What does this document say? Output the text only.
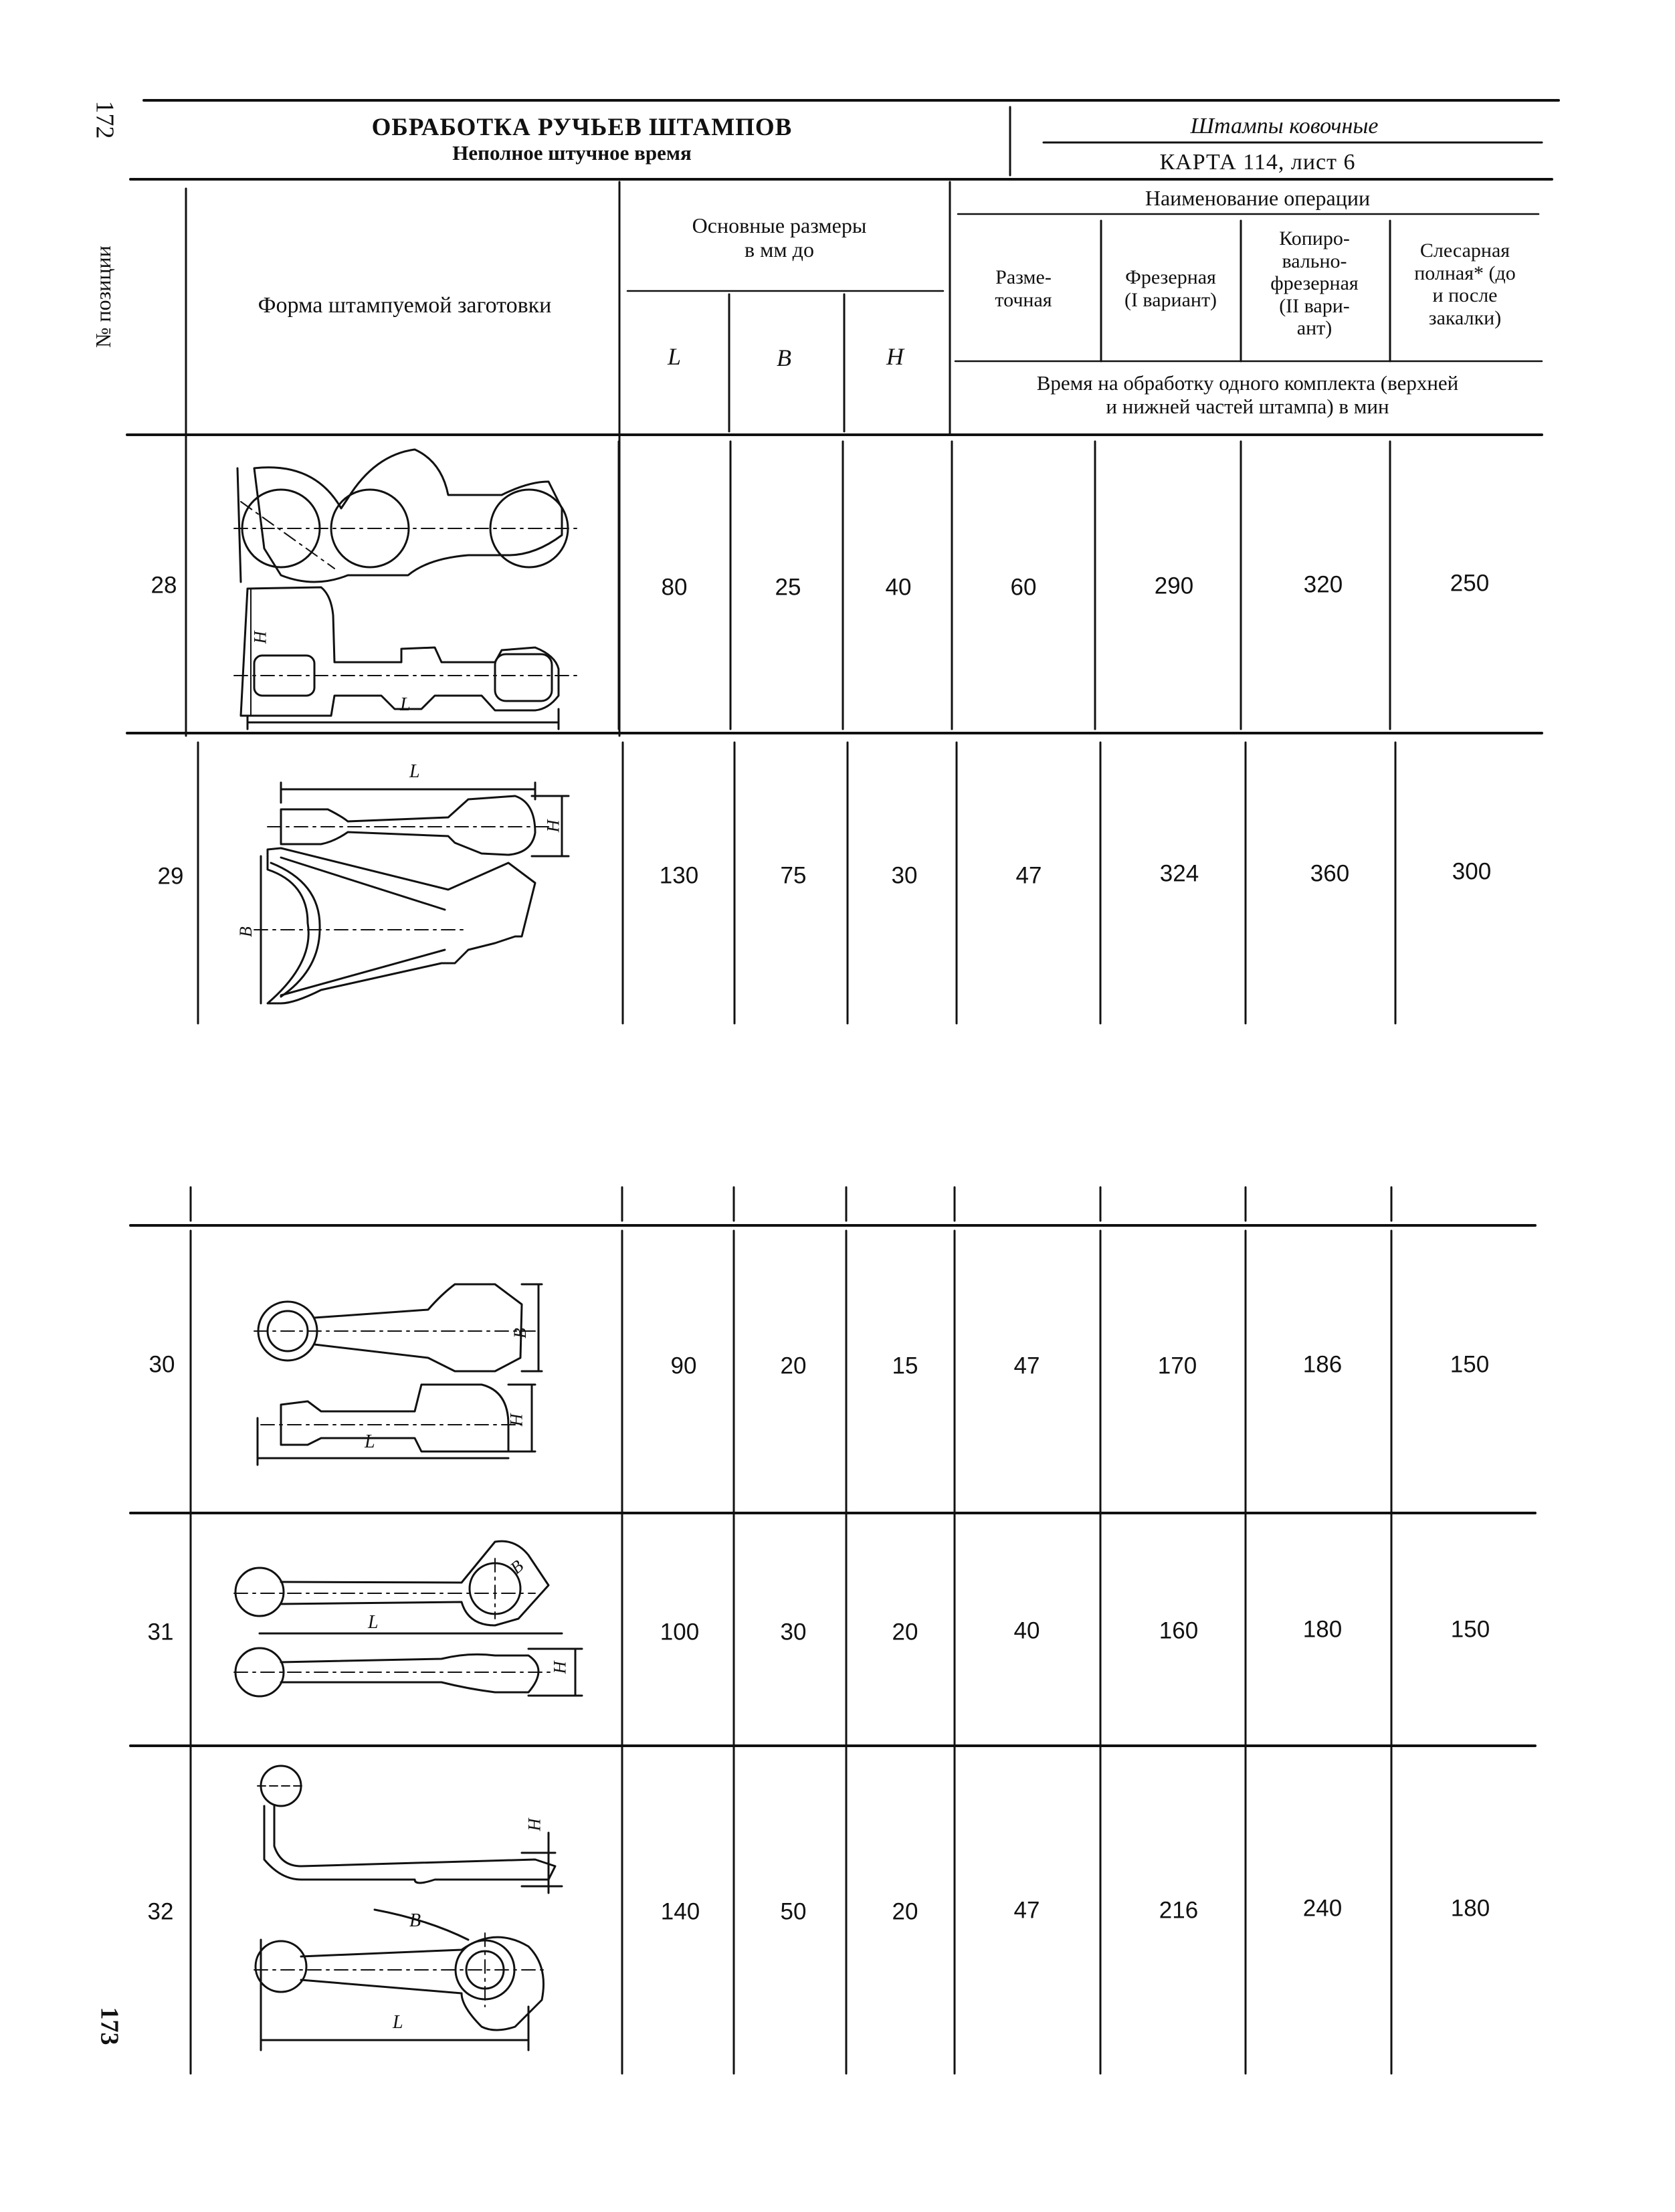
172
173
ОБРАБОТКА РУЧЬЕВ ШТАМПОВ
Неполное штучное время
Штампы ковочные
КАРТА 114, лист 6
№ позиции	Форма штампуемой заготовки
Основные размеры
в мм до
L	B	H
Наименование операции
Разме-
точная
Фрезерная
(I вариант)
Копиро-
вально-
фрезерная
(II вари-
ант)
Слесарная
полная* (до
и после
закалки)
Время на обработку одного комплекта (верхней
и нижней частей штампа) в мин
28	80	25	40	60	290	320	250
29	130	75	30	47	324	360	300
30	90	20	15	47	170	186	150
31	100	30	20	40	160	180	150
32	140	50	20	47	216	240	180
L
H
L
H
B
B
H
L
B
L
H
H
B
L
